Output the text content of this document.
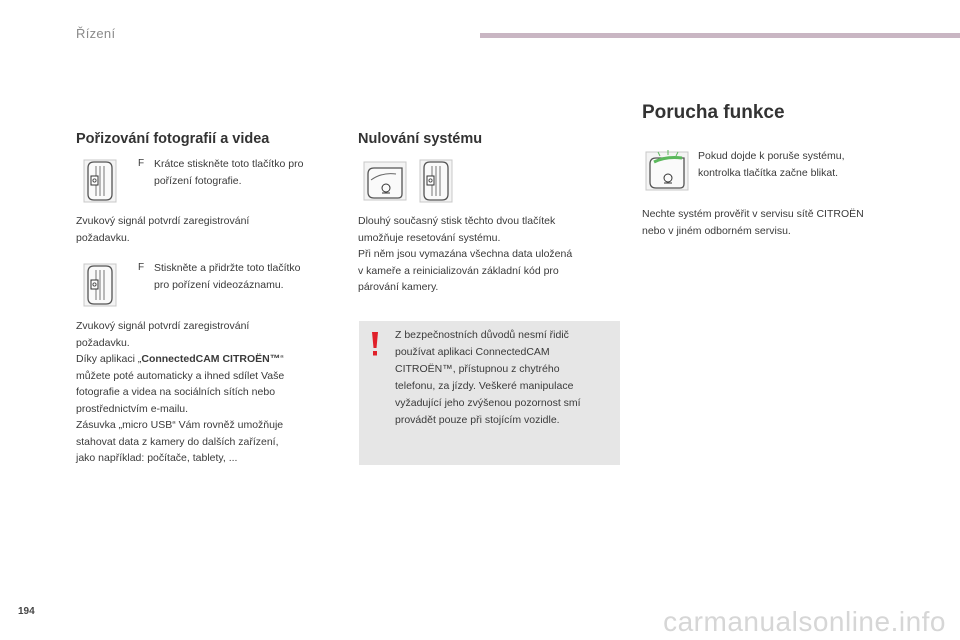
Řízení
Pořizování fotografií a videa
F Krátce stiskněte toto tlačítko pro
pořízení fotografie.
Zvukový signál potvrdí zaregistrování
požadavku.
F Stiskněte a přidržte toto tlačítko
pro pořízení videozáznamu.
Zvukový signál potvrdí zaregistrování
požadavku.
Díky aplikaci „ConnectedCAM CITROËN™“
můžete poté automaticky a ihned sdílet Vaše
fotografie a videa na sociálních sítích nebo
prostřednictvím e-mailu.
Zásuvka „micro USB“ Vám rovněž umožňuje
stahovat data z kamery do dalších zařízení,
jako například: počítače, tablety, ...
Nulování systému
Dlouhý současný stisk těchto dvou tlačítek
umožňuje resetování systému.
Při něm jsou vymazána všechna data uložená
v kameře a reinicializován základní kód pro
párování kamery.
Z bezpečnostních důvodů nesmí řidič
používat aplikaci ConnectedCAM
CITROËN™, přístupnou z chytrého
telefonu, za jízdy. Veškeré manipulace
vyžadující jeho zvýšenou pozornost smí
provádět pouze při stojícím vozidle.
Porucha funkce
Pokud dojde k poruše systému,
kontrolka tlačítka začne blikat.
Nechte systém prověřit v servisu sítě CITROËN
nebo v jiném odborném servisu.
194	carmanualsonline.info
